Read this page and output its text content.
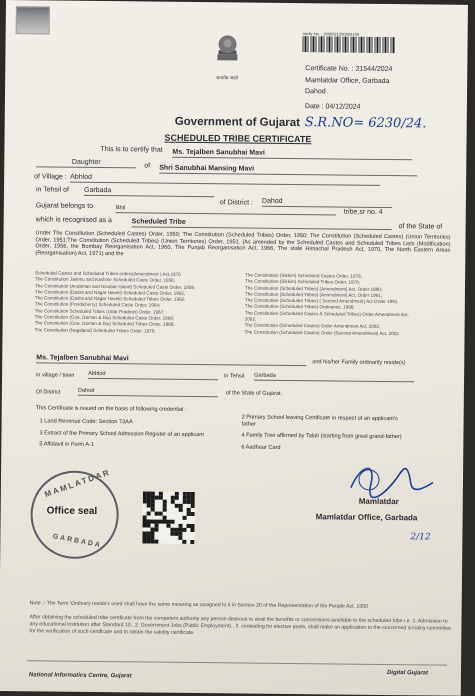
सत्यमेव जयते
Verify No. : 2400021200002154
Certificate No. : 21544/2024
Mamlatdar Office, Garbada
Dahod
Date : 04/12/2024
S.R.NO= 6230/24.
Government of Gujarat
SCHEDULED TRIBE CERTIFICATE
This is to certify that Ms. Tejalben Sanubhai Mavi
Daughter	of Shri Sanubhai Mansing Mavi
of Village : Abhlod
in Tehsil of Garbada
of District : Dahod
Gujarat belongs to	Bhil
tribe,sr no. 4
which is recognised as a	Scheduled Tribe
of the State of
Under The Constitution (Scheduled Castes) Order, 1950; The Constitution (Scheduled Tribes) Order, 1950; The Constitution (Scheduled Castes) (Union Territories) Order, 1951;The Constitution (Scheduled Tribes) (Union Territories) Order, 1951. [As amended by the Scheduled Castes and Scheduled Tribes Lists (Modification) Order, 1956, the Bombay Reorganisation Act, 1960, The Punjab Reorganisation Act, 1966, The state Himachal Pradesh Act, 1970, The North Eastern Areas (Reorganisation) Act, 1971) and the
Scheduled Castes and Scheduled Tribes orders(Amendment ) Act,1976
The Constitution Jammu and Kashmir Scheduled Caste Order, 1956;
The Constitution (Andaman and Nicobar Island) Scheduled Caste Order, 1959;
The Constitution (Dadra and Nagar Haveli) Scheduled Caste Order, 1962;
The Constitution (Dadra and Nagar Haveli) Scheduled Tribes Order, 1962;
The Constitution (Pondicherry) Scheduled Caste Order, 1964;
The Constitution Scheduled Tribes (Uttar Pradesh) Order, 1967;
The Constitution (Goa, Daman & Diu) Scheduled Caste Order, 1968;
The Constitution (Goa, Daman & Diu) Scheduled Tribes Order, 1968;
The Constitution (Nagaland) Scheduled Tribes Order, 1970;
The Constitution (Sikkim) Scheduled Castes Order, 1978;
The Constitution (Sikkim) Scheduled Tribes Order, 1978;
The Constitution (Scheduled Tribes) (Amendment) Act, Order 1990;
The Constitution (Scheduled Tribes) (Amendment) Act, Order 1991;
The Constitution (Scheduled Tribes) ( Second Amendment) Act Order 1991.
The Constitution (Scheduled Tribes) Ordinance, 1996;
The Constitution (Scheduled Castes & Scheduled Tribes) Order Amendment Act,
2002;
The Constitution (Scheduled Castes) Order Amendment Act, 2002;
The Constitution (Scheduled Castes) Order (Second Amendment) Act, 2002.
Ms. Tejalben Sanubhai Mavi
and his/her Family ordinarily reside(s)
in village / town Abhlod	in Tehsil Garbada
Of District	Dahod	of the State of Gujarat.
This Certificate is issued on the basis of following credential :
1 Land Revenue Code: Section 73AA
3 Extract of the Primary School Admission Register of an applicant
5 Affidavit in Form A-1
2 Primary School leaving Certificate in respect of an applicant's father
4 Family Tree affirmed by Talati (starting from great grand-father)
6 Aadhaar Card
Mamlatdar
Mamlatdar Office, Garbada
2/12
MAMLATDAR
GARBADA
Office seal
Note :- The Term 'Ordinary reside's used shall have the same meaning as assigned to it in Section 20 of the Representation of the People Act, 1950
After obtaining the scheduled tribe certificate from the competent authority any person desirous to avail the benefits or concessions available to the scheduled tribe i.e. 1. Admission to any educational institution after Standard 10., 2. Government Jobs (Public Employment)., 3. contesting for elective posts, shall make an application to the concerned scrutiny committee for the verification of such certificate and to obtain the validity certificate.
National Informatics Centre, Gujarat	Digital Gujarat
